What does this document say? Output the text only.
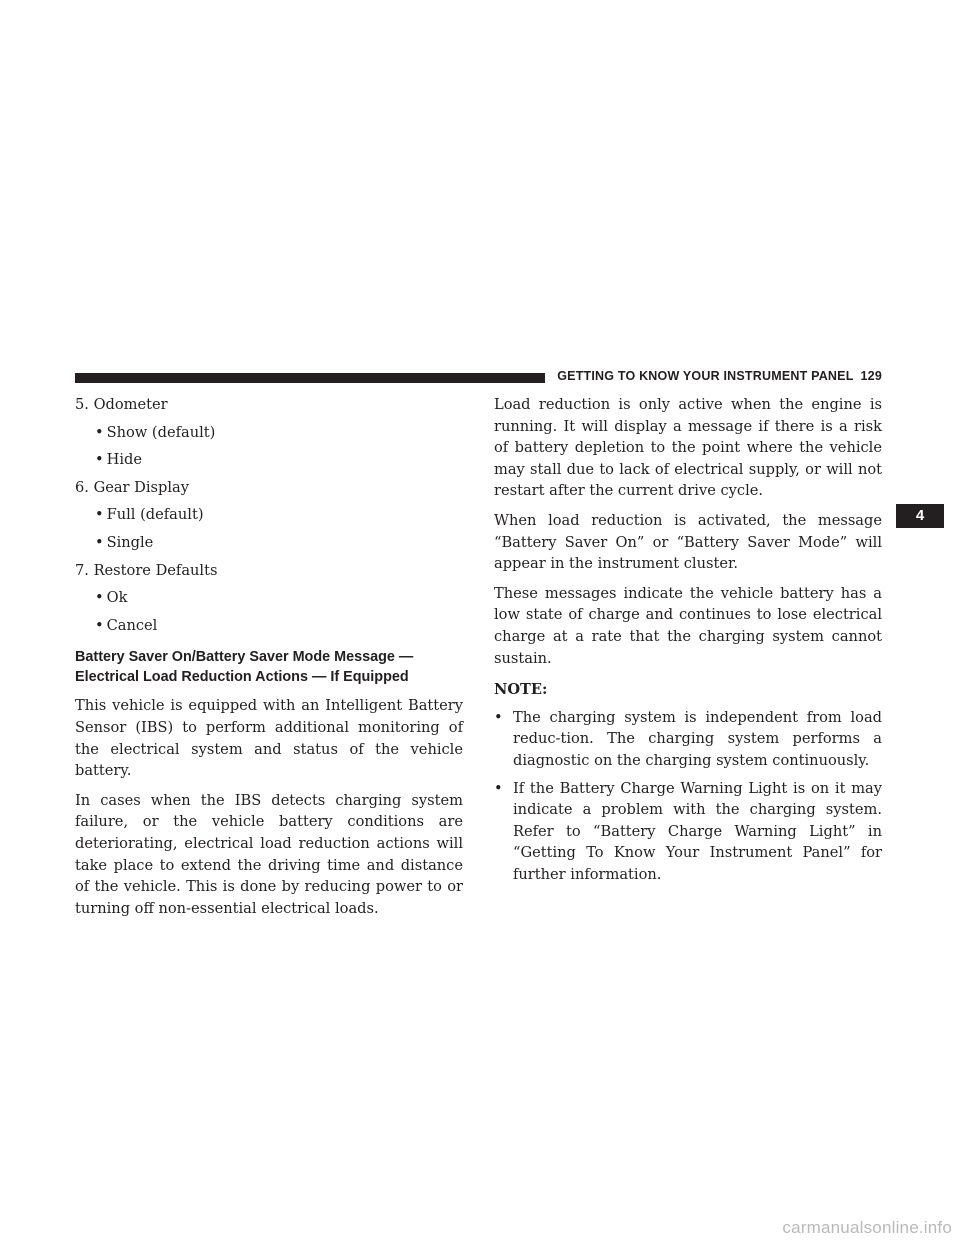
GETTING TO KNOW YOUR INSTRUMENT PANEL 129
4
5. Odometer
• Show (default)
• Hide
6. Gear Display
• Full (default)
• Single
7. Restore Defaults
• Ok
• Cancel
Battery Saver On/Battery Saver Mode Message —
Electrical Load Reduction Actions — If Equipped

This vehicle is equipped with an Intelligent Battery Sensor (IBS) to perform additional monitoring of the electrical system and status of the vehicle battery.

In cases when the IBS detects charging system failure, or the vehicle battery conditions are deteriorating, electrical load reduction actions will take place to extend the driving time and distance of the vehicle. This is done by reducing power to or turning off non-essential electrical loads.

Load reduction is only active when the engine is running. It will display a message if there is a risk of battery depletion to the point where the vehicle may stall due to lack of electrical supply, or will not restart after the current drive cycle.

When load reduction is activated, the message “Battery Saver On” or “Battery Saver Mode” will appear in the instrument cluster.

These messages indicate the vehicle battery has a low state of charge and continues to lose electrical charge at a rate that the charging system cannot sustain.

NOTE:

• The charging system is independent from load reduc-tion. The charging system performs a diagnostic on the charging system continuously.
• If the Battery Charge Warning Light is on it may indicate a problem with the charging system. Refer to “Battery Charge Warning Light” in “Getting To Know Your Instrument Panel” for further information.
carmanualsonline.info
